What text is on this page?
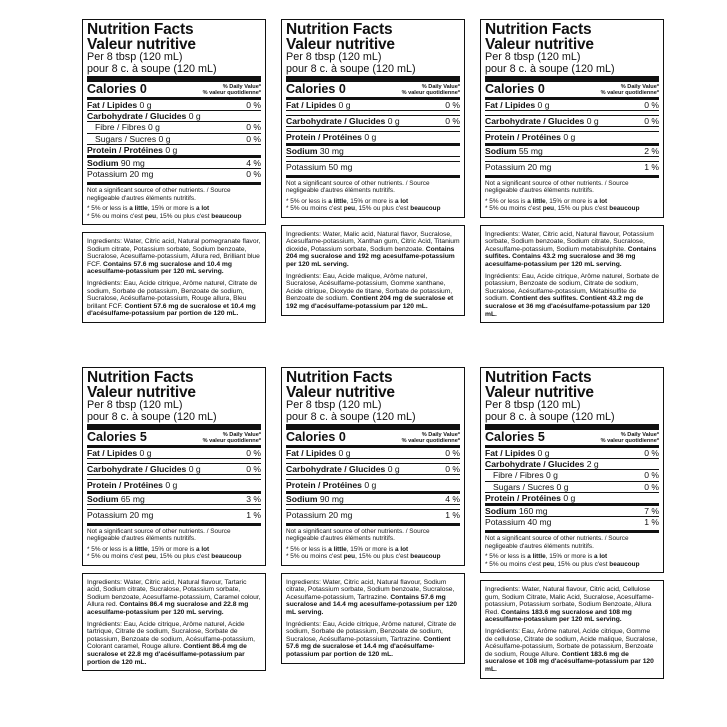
Nutrition Facts
Valeur nutritive
Per 8 tbsp (120 mL)
pour 8 c. à soupe (120 mL)
Calories 0	% Daily Value*
% valeur quotidienne*
Fat / Lipides 0 g	0 %
Carbohydrate / Glucides 0 g
Fibre / Fibres 0 g	0 %
Sugars / Sucres 0 g	0 %
Protein / Protéines 0 g
Sodium 90 mg	4 %
Potassium 20 mg	0 %
Not a significant source of other nutrients. / Source negligeable d'autres éléments nutritifs.
* 5% or less is a little, 15% or more is a lot
* 5% ou moins c'est peu, 15% ou plus c'est beaucoup

Ingredients: Water, Citric acid, Natural pomegranate flavor, Sodium citrate, Potassium sorbate, Sodium benzoate, Sucralose, Acesulfame-potassium, Allura red, Brilliant blue FCF. Contains 57.6 mg sucralose and 10.4 mg acesulfame-potassium per 120 mL serving.

Ingrédients: Eau, Acide citrique, Arôme naturel, Citrate de sodium, Sorbate de potassium, Benzoate de sodium, Sucralose, Acésulfame-potassium, Rouge allura, Bleu brillant FCF. Contient 57.6 mg de sucralose et 10.4 mg d'acésulfame-potassium par portion de 120 mL.

Nutrition Facts
Valeur nutritive
Per 8 tbsp (120 mL)
pour 8 c. à soupe (120 mL)
Calories 0	% Daily Value*
% valeur quotidienne*
Fat / Lipides 0 g	0 %
Carbohydrate / Glucides 0 g	0 %
Protein / Protéines 0 g
Sodium 30 mg
Potassium 50 mg
Not a significant source of other nutrients. / Source negligeable d'autres éléments nutritifs.
* 5% or less is a little, 15% or more is a lot
* 5% ou moins c'est peu, 15% ou plus c'est beaucoup

Ingredients: Water, Malic acid, Natural flavor, Sucralose, Acesulfame-potassium, Xanthan gum, Citric Acid, Titanium dioxide, Potassium sorbate, Sodium benzoate. Contains 204 mg sucralose and 192 mg acesulfame-potassium per 120 mL serving.

Ingrédients: Eau, Acide malique, Arôme naturel, Sucralose, Acésulfame-potassium, Gomme xanthane, Acide citrique, Dioxyde de titane, Sorbate de potassium, Benzoate de sodium. Contient 204 mg de sucralose et 192 mg d'acésulfame-potassium par 120 mL.

Nutrition Facts
Valeur nutritive
Per 8 tbsp (120 mL)
pour 8 c. à soupe (120 mL)
Calories 0	% Daily Value*
% valeur quotidienne*
Fat / Lipides 0 g	0 %
Carbohydrate / Glucides 0 g	0 %
Protein / Protéines 0 g
Sodium 55 mg	2 %
Potassium 20 mg	1 %
Not a significant source of other nutrients. / Source negligeable d'autres éléments nutritifs.
* 5% or less is a little, 15% or more is a lot
* 5% ou moins c'est peu, 15% ou plus c'est beaucoup

Ingredients: Water, Citric acid, Natural flavour, Potassium sorbate, Sodium benzoate, Sodium citrate, Sucralose, Acesulfame-potassium, Sodium metabisulphite. Contains sulfites. Contains 43.2 mg sucralose and 36 mg acesulfame-potassium per 120 mL serving.

Ingrédients: Eau, Acide citrique, Arôme naturel, Sorbate de potassium, Benzoate de sodium, Citrate de sodium, Sucralose, Acésulfame-potassium, Métabisulfite de sodium. Contient des sulfites. Contient 43.2 mg de sucralose et 36 mg d'acésulfame-potassium par 120 mL.

Nutrition Facts
Valeur nutritive
Per 8 tbsp (120 mL)
pour 8 c. à soupe (120 mL)
Calories 5	% Daily Value*
% valeur quotidienne*
Fat / Lipides 0 g	0 %
Carbohydrate / Glucides 0 g	0 %
Protein / Protéines 0 g
Sodium 65 mg	3 %
Potassium 20 mg	1 %
Not a significant source of other nutrients. / Source negligeable d'autres éléments nutritifs.
* 5% or less is a little, 15% or more is a lot
* 5% ou moins c'est peu, 15% ou plus c'est beaucoup

Ingredients: Water, Citric acid, Natural flavour, Tartaric acid, Sodium citrate, Sucralose, Potassium sorbate, Sodium benzoate, Acesulfame-potassium, Caramel colour, Allura red. Contains 86.4 mg sucralose and 22.8 mg acesulfame-potassium per 120 mL serving.

Ingrédients: Eau, Acide citrique, Arôme naturel, Acide tartrique, Citrate de sodium, Sucralose, Sorbate de potassium, Benzoate de sodium, Acésulfame-potassium, Colorant caramel, Rouge allure. Contient 86.4 mg de sucralose et 22.8 mg d'acésulfame-potassium par portion de 120 mL.

Nutrition Facts
Valeur nutritive
Per 8 tbsp (120 mL)
pour 8 c. à soupe (120 mL)
Calories 0	% Daily Value*
% valeur quotidienne*
Fat / Lipides 0 g	0 %
Carbohydrate / Glucides 0 g	0 %
Protein / Protéines 0 g
Sodium 90 mg	4 %
Potassium 20 mg	1 %
Not a significant source of other nutrients. / Source negligeable d'autres éléments nutritifs.
* 5% or less is a little, 15% or more is a lot
* 5% ou moins c'est peu, 15% ou plus c'est beaucoup

Ingredients: Water, Citric acid, Natural flavour, Sodium citrate, Potassium sorbate, Sodium benzoate, Sucralose, Acesulfame-potassium, Tartrazine. Contains 57.6 mg sucralose and 14.4 mg acesulfame-potassium per 120 mL serving.

Ingrédients: Eau, Acide citrique, Arôme naturel, Citrate de sodium, Sorbate de potassium, Benzoate de sodium, Sucralose, Acésulfame-potassium, Tartrazine. Contient 57.6 mg de sucralose et 14.4 mg d'acésulfame-potassium par portion de 120 mL.

Nutrition Facts
Valeur nutritive
Per 8 tbsp (120 mL)
pour 8 c. à soupe (120 mL)
Calories 5	% Daily Value*
% valeur quotidienne*
Fat / Lipides 0 g	0 %
Carbohydrate / Glucides 2 g
Fibre / Fibres 0 g	0 %
Sugars / Sucres 0 g	0 %
Protein / Protéines 0 g
Sodium 160 mg	7 %
Potassium 40 mg	1 %
Not a significant source of other nutrients. / Source negligeable d'autres éléments nutritifs.
* 5% or less is a little, 15% or more is a lot
* 5% ou moins c'est peu, 15% ou plus c'est beaucoup

Ingredients: Water, Natural flavour, Citric acid, Cellulose gum, Sodium Citrate, Malic Acid, Sucralose, Acesulfame-potassium, Potassium sorbate, Sodium Benzoate, Allura Red. Contains 183.6 mg sucralose and 108 mg acesulfame-potassium per 120 mL serving.

Ingrédients: Eau, Arôme naturel, Acide citrique, Gomme de cellulose, Citrate de sodium, Acide malique, Sucralose, Acésulfame-potassium, Sorbate de potassium, Benzoate de sodium, Rouge Allure. Contient 183.6 mg de sucralose et 108 mg d'acésulfame-potassium par 120 mL.
